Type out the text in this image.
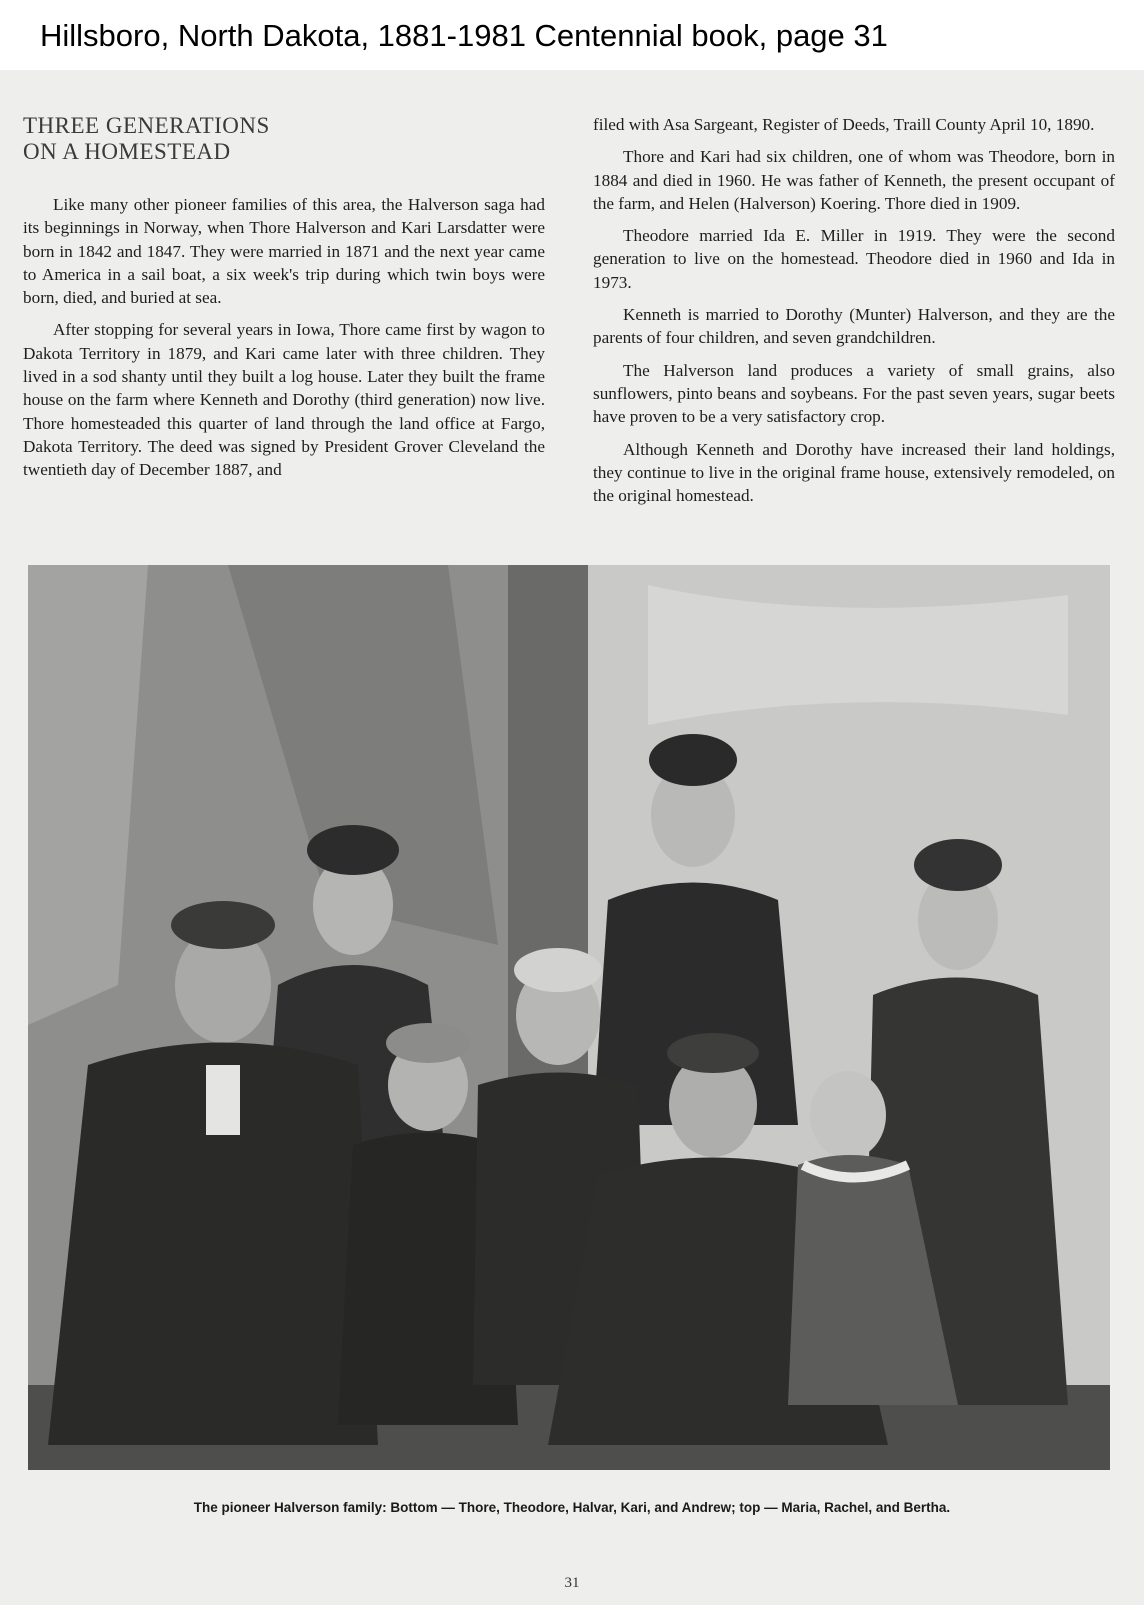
Hillsboro, North Dakota, 1881-1981 Centennial book, page 31
THREE GENERATIONS
ON A HOMESTEAD

Like many other pioneer families of this area, the Halverson saga had its beginnings in Norway, when Thore Halverson and Kari Larsdatter were born in 1842 and 1847. They were married in 1871 and the next year came to America in a sail boat, a six week's trip during which twin boys were born, died, and buried at sea.

After stopping for several years in Iowa, Thore came first by wagon to Dakota Territory in 1879, and Kari came later with three children. They lived in a sod shanty until they built a log house. Later they built the frame house on the farm where Kenneth and Dorothy (third generation) now live. Thore homesteaded this quarter of land through the land office at Fargo, Dakota Territory. The deed was signed by President Grover Cleveland the twentieth day of December 1887, and

filed with Asa Sargeant, Register of Deeds, Traill County April 10, 1890.

Thore and Kari had six children, one of whom was Theodore, born in 1884 and died in 1960. He was father of Kenneth, the present occupant of the farm, and Helen (Halverson) Koering. Thore died in 1909.

Theodore married Ida E. Miller in 1919. They were the second generation to live on the homestead. Theodore died in 1960 and Ida in 1973.

Kenneth is married to Dorothy (Munter) Halverson, and they are the parents of four children, and seven grandchildren.

The Halverson land produces a variety of small grains, also sunflowers, pinto beans and soybeans. For the past seven years, sugar beets have proven to be a very satisfactory crop.

Although Kenneth and Dorothy have increased their land holdings, they continue to live in the original frame house, extensively remodeled, on the original homestead.

The pioneer Halverson family: Bottom — Thore, Theodore, Halvar, Kari, and Andrew; top — Maria, Rachel, and Bertha.
31
